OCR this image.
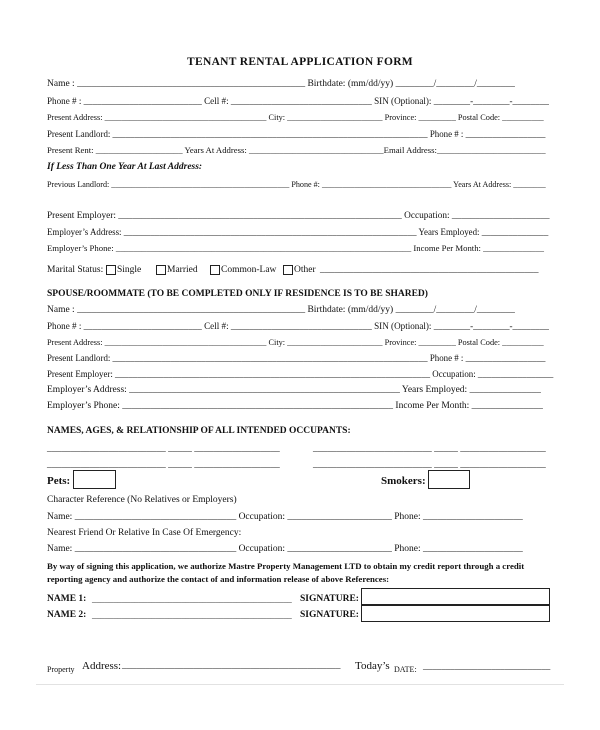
TENANT RENTAL APPLICATION FORM
Name : ________________________________________________ Birthdate: (mm/dd/yy) ________/________/________
Phone # : __________________________ Cell #: _______________________________ SIN (Optional): ________-________-________
Present Address: _______________________________________ City: _______________________ Province: _________ Postal Code: __________
Present Landlord: _______________________________________________________________________ Phone # : __________________
Present Rent: ____________________ Years At Address: _______________________________Email Address:_________________________
If Less Than One Year At Last Address:
Previous Landlord: ____________________________________________ Phone #: ________________________________ Years At Address: ________
Present Employer: _____________________________________________________________ Occupation: _____________________
Employer’s Address: __________________________________________________________________ Years Employed: _______________
Employer’s Phone: ____________________________________________________________________ Income Per Month: ______________
Marital Status: Single	Married Common-Law Other ______________________________________________
SPOUSE/ROOMMATE (TO BE COMPLETED ONLY IF RESIDENCE IS TO BE SHARED)
Name : ________________________________________________ Birthdate: (mm/dd/yy) ________/________/________
Phone # : __________________________ Cell #: _______________________________ SIN (Optional): ________-________-________
Present Address: _______________________________________ City: _______________________ Province: _________ Postal Code: __________
Present Landlord: _______________________________________________________________________ Phone # : __________________
Present Employer: _______________________________________________________________________ Occupation: _________________
Employer’s Address: _________________________________________________________ Years Employed: _______________
Employer’s Phone: _________________________________________________________ Income Per Month: _______________
NAMES, AGES, & RELATIONSHIP OF ALL INTENDED OCCUPANTS:
_________________________ _____ __________________	_________________________ _____ __________________
_________________________ _____ __________________	_________________________ _____ __________________
Pets:	Smokers:
Character Reference (No Relatives or Employers)
Name: __________________________________ Occupation: ______________________ Phone: _____________________
Nearest Friend Or Relative In Case Of Emergency:
Name: __________________________________ Occupation: ______________________ Phone: _____________________
By way of signing this application, we authorize Mastre Property Management LTD to obtain my credit report through a credit
reporting agency and authorize the contact of and information release of above References:
NAME 1: _______________________________________________ SIGNATURE:
NAME 2: _______________________________________________ SIGNATURE:
Property Address: ______________________________________________ Today’s DATE: ____________________________
